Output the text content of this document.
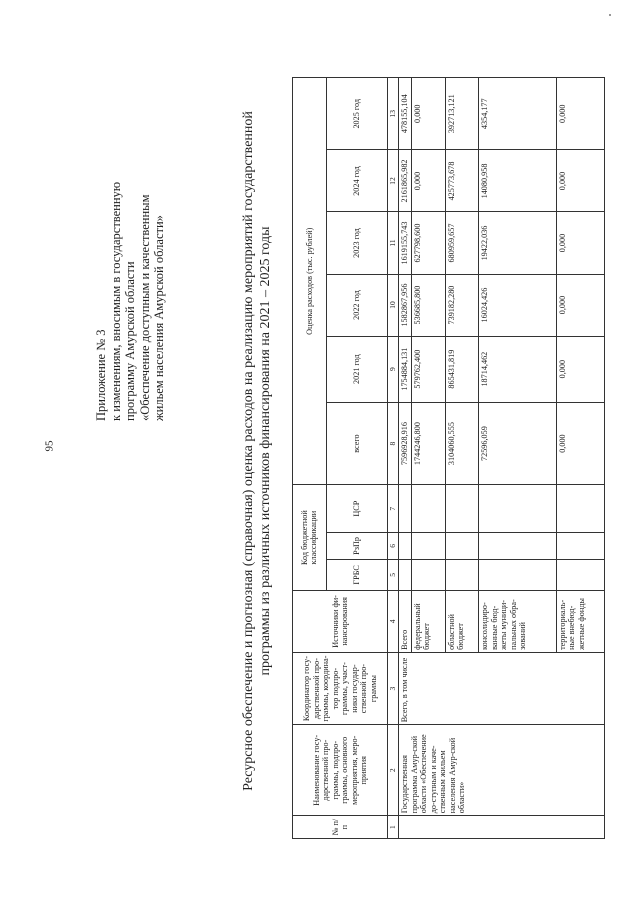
95
Приложение № 3 к изменениям, вносимым в государственную программу Амурской области «Обеспечение доступным и качественным жильем населения Амурской области»	Ресурсное обеспечение и прогнозная (справочная) оценка расходов на реализацию мероприятий государственной программы из различных источников финансирования на 2021 – 2025 годы
№ п/п	Наименование госу-дарственной про-граммы, подпро-граммы, основного мероприятия, меро-приятия	Координатор госу-дарственной про-граммы, координа-тор подпро-граммы, участ-ники государ-ственной про-граммы	Источники фи-нансирования	Код бюджетной классификации			Оценка расходов (тыс. рублей)					
				ГРБС	РзПр	ЦСР	всего	2021 год	2022 год	2023 год	2024 год	2025 год

1	2	3	4	5	6	7	8	9	10	11	12	13
	Государственная программа Амур-ской области «Обеспечение до-ступным и каче-ственным жильем населения Амур-ской области»	Всего, в том числе	Всего				7596928,916	1754884,131	1582867,956	1619155,743	2161865,982	478155,104
			федеральный бюджет				1744246,800	579762,400	536685,800	627798,600	0,000	0,000
			областной бюджет				3104060,555	865431,819	739182,280	680959,657	425773,678	392713,121
			консолидиро-ванные бюд-жеты муници-пальных обра-зований				72596,059	18714,462	16024,426	19422,036	14080,958	4354,177
			территориаль-ные внебюд-жетные фонды				0,000	0,000	0,000	0,000	0,000	0,000
